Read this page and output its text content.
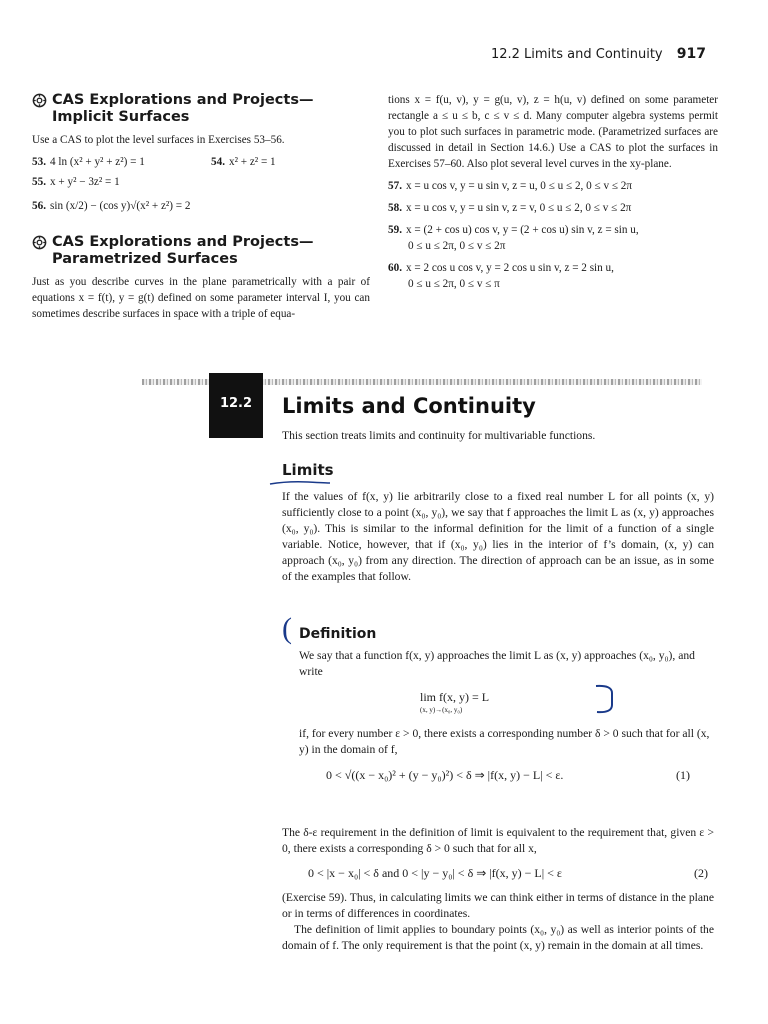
12.2 Limits and Continuity 917
CAS Explorations and Projects—Implicit Surfaces

Use a CAS to plot the level surfaces in Exercises 53–56.

53. 4 ln (x² + y² + z²) = 1	54. x² + z² = 1
55. x + y² − 3z² = 1
56. sin (x/2) − (cos y)√(x² + z²) = 2
CAS Explorations and Projects—
Parametrized Surfaces

Just as you describe curves in the plane parametrically with a pair of equations x = f(t), y = g(t) defined on some parameter interval I, you can sometimes describe surfaces in space with a triple of equa-

tions x = f(u, v), y = g(u, v), z = h(u, v) defined on some parameter rectangle a ≤ u ≤ b, c ≤ v ≤ d. Many computer algebra systems permit you to plot such surfaces in parametric mode. (Parametrized surfaces are discussed in detail in Section 14.6.) Use a CAS to plot the surfaces in Exercises 57–60. Also plot several level curves in the xy-plane.

57. x = u cos v, y = u sin v, z = u, 0 ≤ u ≤ 2, 0 ≤ v ≤ 2π
58. x = u cos v, y = u sin v, z = v, 0 ≤ u ≤ 2, 0 ≤ v ≤ 2π
59. x = (2 + cos u) cos v, y = (2 + cos u) sin v, z = sin u,
0 ≤ u ≤ 2π, 0 ≤ v ≤ 2π
60. x = 2 cos u cos v, y = 2 cos u sin v, z = 2 sin u,
0 ≤ u ≤ 2π, 0 ≤ v ≤ π
12.2	Limits and Continuity
This section treats limits and continuity for multivariable functions.
Limits
If the values of f(x, y) lie arbitrarily close to a fixed real number L for all points (x, y) sufficiently close to a point (x₀, y₀), we say that f approaches the limit L as (x, y) approaches (x₀, y₀). This is similar to the informal definition for the limit of a function of a single variable. Notice, however, that if (x₀, y₀) lies in the interior of f’s domain, (x, y) can approach (x₀, y₀) from any direction. The direction of approach can be an issue, as in some of the examples that follow.
( Definition
We say that a function f(x, y) approaches the limit L as (x, y) approaches (x₀, y₀), and write
lim f(x, y) = L
(x, y)→(x₀, y₀)
if, for every number ε > 0, there exists a corresponding number δ > 0 such that for all (x, y) in the domain of f,
0 < √((x − x₀)² + (y − y₀)²) < δ ⇒ |f(x, y) − L| < ε.	(1)
The δ-ε requirement in the definition of limit is equivalent to the requirement that, given ε > 0, there exists a corresponding δ > 0 such that for all x,
0 < |x − x₀| < δ and 0 < |y − y₀| < δ ⇒ |f(x, y) − L| < ε	(2)
(Exercise 59). Thus, in calculating limits we can think either in terms of distance in the plane or in terms of differences in coordinates.
The definition of limit applies to boundary points (x₀, y₀) as well as interior points of the domain of f. The only requirement is that the point (x, y) remain in the domain at all times.
